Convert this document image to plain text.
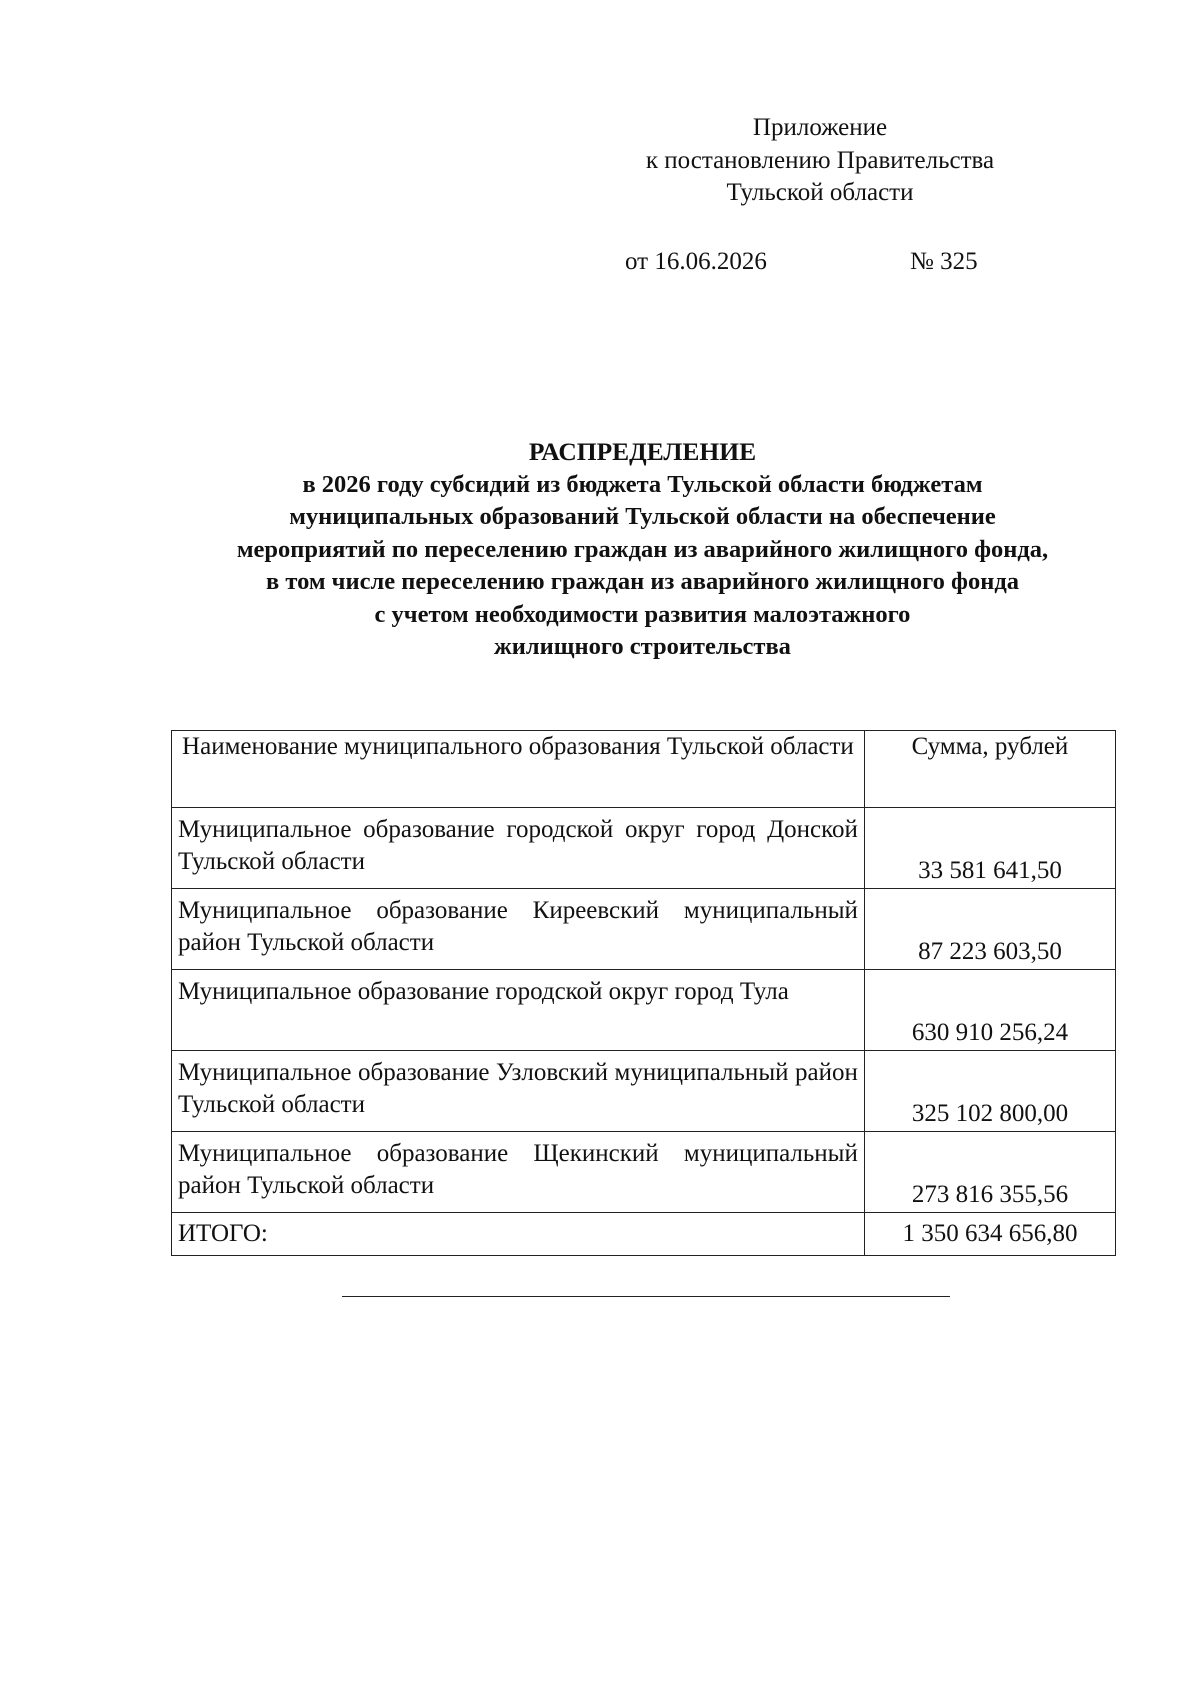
Приложение
к постановлению Правительства
Тульской области
от 16.06.2026	№ 325
РАСПРЕДЕЛЕНИЕ
в 2026 году субсидий из бюджета Тульской области бюджетам
муниципальных образований Тульской области на обеспечение
мероприятий по переселению граждан из аварийного жилищного фонда,
в том числе переселению граждан из аварийного жилищного фонда
с учетом необходимости развития малоэтажного
жилищного строительства
Наименование муниципального образования Тульской области	Сумма, рублей
Муниципальное образование городской округ город Донской Тульской области	33 581 641,50
Муниципальное образование Киреевский муниципальный район Тульской области	87 223 603,50
Муниципальное образование городской округ город Тула	630 910 256,24
Муниципальное образование Узловский муниципальный район Тульской области	325 102 800,00
Муниципальное образование Щекинский муниципальный район Тульской области	273 816 355,56
ИТОГО:	1 350 634 656,80
